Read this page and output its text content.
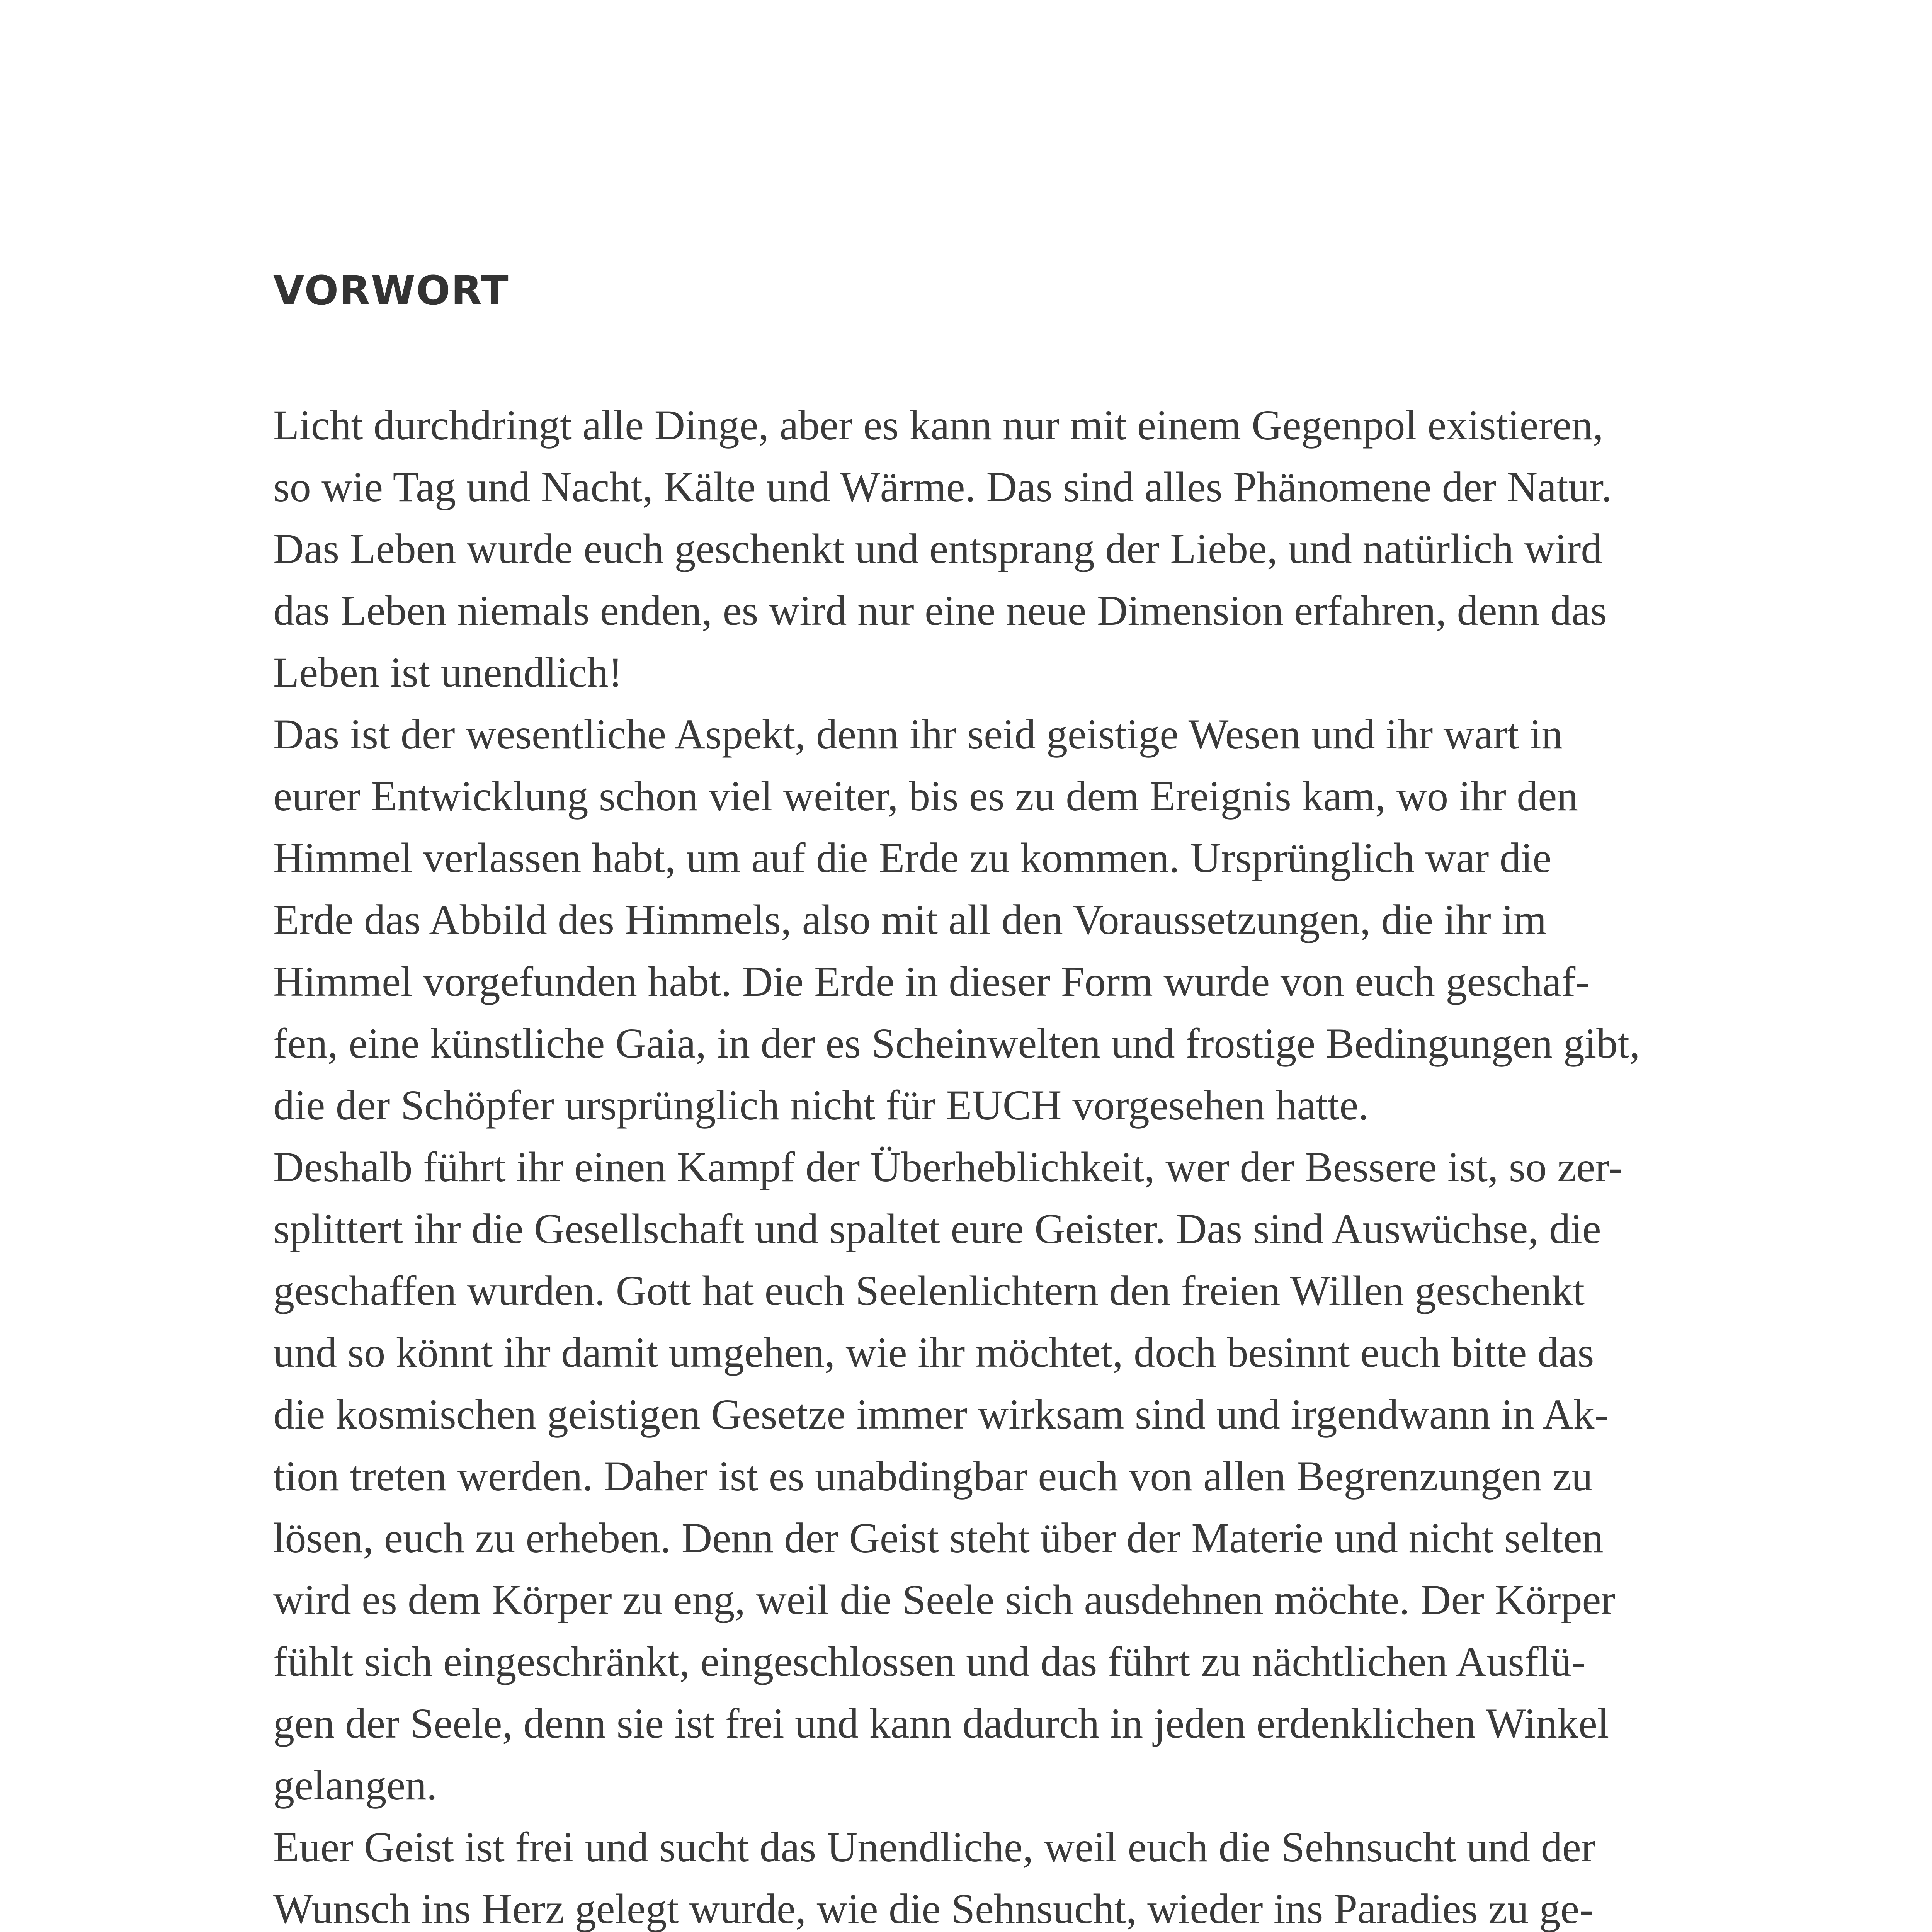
VORWORT
Licht durchdringt alle Dinge, aber es kann nur mit einem Gegenpol existieren,
so wie Tag und Nacht, Kälte und Wärme. Das sind alles Phänomene der Natur.
Das Leben wurde euch geschenkt und entsprang der Liebe, und natürlich wird
das Leben niemals enden, es wird nur eine neue Dimension erfahren, denn das
Leben ist unendlich!
Das ist der wesentliche Aspekt, denn ihr seid geistige Wesen und ihr wart in
eurer Entwicklung schon viel weiter, bis es zu dem Ereignis kam, wo ihr den
Himmel verlassen habt, um auf die Erde zu kommen. Ursprünglich war die
Erde das Abbild des Himmels, also mit all den Voraussetzungen, die ihr im
Himmel vorgefunden habt. Die Erde in dieser Form wurde von euch geschaf-
fen, eine künstliche Gaia, in der es Scheinwelten und frostige Bedingungen gibt,
die der Schöpfer ursprünglich nicht für EUCH vorgesehen hatte.
Deshalb führt ihr einen Kampf der Überheblichkeit, wer der Bessere ist, so zer-
splittert ihr die Gesellschaft und spaltet eure Geister. Das sind Auswüchse, die
geschaffen wurden. Gott hat euch Seelenlichtern den freien Willen geschenkt
und so könnt ihr damit umgehen, wie ihr möchtet, doch besinnt euch bitte das
die kosmischen geistigen Gesetze immer wirksam sind und irgendwann in Ak-
tion treten werden. Daher ist es unabdingbar euch von allen Begrenzungen zu
lösen, euch zu erheben. Denn der Geist steht über der Materie und nicht selten
wird es dem Körper zu eng, weil die Seele sich ausdehnen möchte. Der Körper
fühlt sich eingeschränkt, eingeschlossen und das führt zu nächtlichen Ausflü-
gen der Seele, denn sie ist frei und kann dadurch in jeden erdenklichen Winkel
gelangen.
Euer Geist ist frei und sucht das Unendliche, weil euch die Sehnsucht und der
Wunsch ins Herz gelegt wurde, wie die Sehnsucht, wieder ins Paradies zu ge-
